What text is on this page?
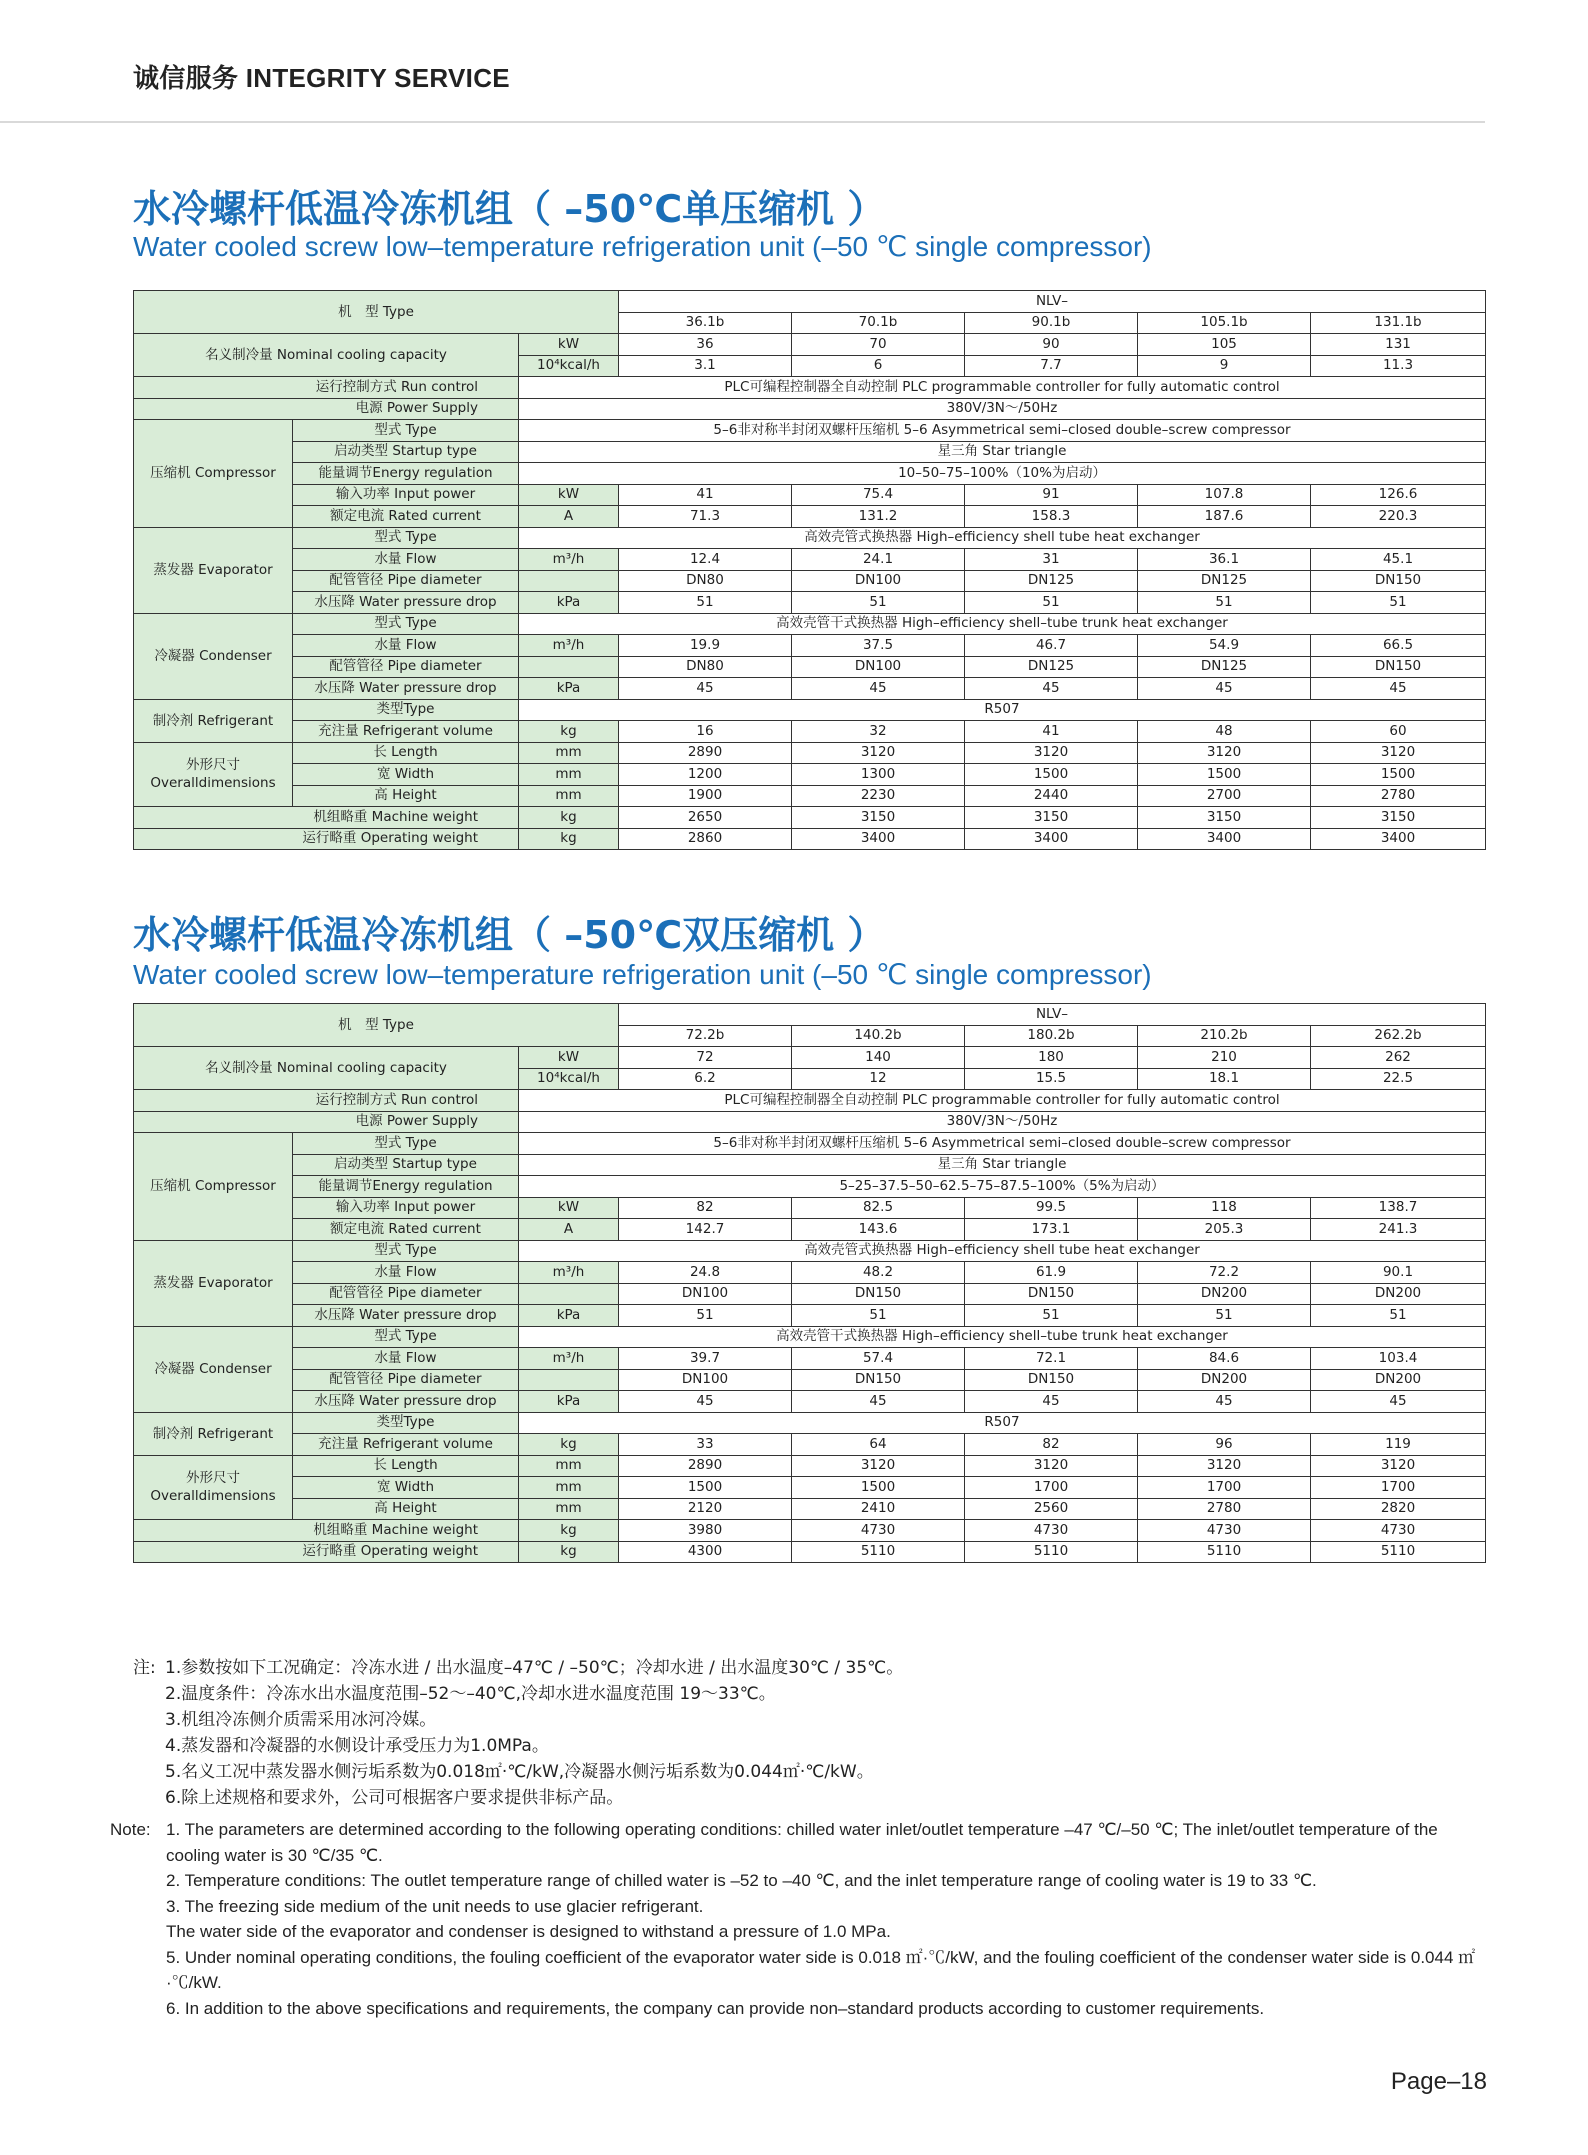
诚信服务 INTEGRITY SERVICE
水冷螺杆低温冷冻机组（ –50℃单压缩机 ）
Water cooled screw low–temperature refrigeration unit (–50 ℃ single compressor)
机　型 Type			NLV–				
			36.1b	70.1b	90.1b	105.1b	131.1b
名义制冷量 Nominal cooling capacity		kW	36	70	90	105	131
		10⁴kcal/h	3.1	6	7.7	9	11.3
运行控制方式 Run control		PLC可编程控制器全自动控制 PLC programmable controller for fully automatic control					
电源 Power Supply		380V/3N～/50Hz					
压缩机 Compressor	型式 Type	5–6非对称半封闭双螺杆压缩机 5–6 Asymmetrical semi–closed double–screw compressor					
	启动类型 Startup type	星三角 Star triangle					
	能量调节Energy regulation	10–50–75–100%（10%为启动）					
	输入功率 Input power	kW	41	75.4	91	107.8	126.6
	额定电流 Rated current	A	71.3	131.2	158.3	187.6	220.3
蒸发器 Evaporator	型式 Type	高效壳管式换热器 High–efficiency shell tube heat exchanger					
	水量 Flow	m³/h	12.4	24.1	31	36.1	45.1
	配管管径 Pipe diameter		DN80	DN100	DN125	DN125	DN150
	水压降 Water pressure drop	kPa	51	51	51	51	51
冷凝器 Condenser	型式 Type	高效壳管干式换热器 High–efficiency shell–tube trunk heat exchanger					
	水量 Flow	m³/h	19.9	37.5	46.7	54.9	66.5
	配管管径 Pipe diameter		DN80	DN100	DN125	DN125	DN150
	水压降 Water pressure drop	kPa	45	45	45	45	45
制冷剂 Refrigerant	类型Type	R507					
	充注量 Refrigerant volume	kg	16	32	41	48	60
外形尺寸 Overalldimensions	长 Length	mm	2890	3120	3120	3120	3120
	宽 Width	mm	1200	1300	1500	1500	1500
	高 Height	mm	1900	2230	2440	2700	2780
机组略重 Machine weight		kg	2650	3150	3150	3150	3150
运行略重 Operating weight		kg	2860	3400	3400	3400	3400
水冷螺杆低温冷冻机组（ –50℃双压缩机 ）
Water cooled screw low–temperature refrigeration unit (–50 ℃ single compressor)
机　型 Type			NLV–				
			72.2b	140.2b	180.2b	210.2b	262.2b
名义制冷量 Nominal cooling capacity		kW	72	140	180	210	262
		10⁴kcal/h	6.2	12	15.5	18.1	22.5
运行控制方式 Run control		PLC可编程控制器全自动控制 PLC programmable controller for fully automatic control					
电源 Power Supply		380V/3N～/50Hz					
压缩机 Compressor	型式 Type	5–6非对称半封闭双螺杆压缩机 5–6 Asymmetrical semi–closed double–screw compressor					
	启动类型 Startup type	星三角 Star triangle					
	能量调节Energy regulation	5–25–37.5–50–62.5–75–87.5–100%（5%为启动）					
	输入功率 Input power	kW	82	82.5	99.5	118	138.7
	额定电流 Rated current	A	142.7	143.6	173.1	205.3	241.3
蒸发器 Evaporator	型式 Type	高效壳管式换热器 High–efficiency shell tube heat exchanger					
	水量 Flow	m³/h	24.8	48.2	61.9	72.2	90.1
	配管管径 Pipe diameter		DN100	DN150	DN150	DN200	DN200
	水压降 Water pressure drop	kPa	51	51	51	51	51
冷凝器 Condenser	型式 Type	高效壳管干式换热器 High–efficiency shell–tube trunk heat exchanger					
	水量 Flow	m³/h	39.7	57.4	72.1	84.6	103.4
	配管管径 Pipe diameter		DN100	DN150	DN150	DN200	DN200
	水压降 Water pressure drop	kPa	45	45	45	45	45
制冷剂 Refrigerant	类型Type	R507					
	充注量 Refrigerant volume	kg	33	64	82	96	119
外形尺寸 Overalldimensions	长 Length	mm	2890	3120	3120	3120	3120
	宽 Width	mm	1500	1500	1700	1700	1700
	高 Height	mm	2120	2410	2560	2780	2820
机组略重 Machine weight		kg	3980	4730	4730	4730	4730
运行略重 Operating weight		kg	4300	5110	5110	5110	5110
注: 1.参数按如下工况确定：冷冻水进 / 出水温度–47℃ / –50℃；冷却水进 / 出水温度30℃ / 35℃。
2.温度条件：冷冻水出水温度范围–52～–40℃,冷却水进水温度范围 19～33℃。
3.机组冷冻侧介质需采用冰河冷媒。
4.蒸发器和冷凝器的水侧设计承受压力为1.0MPa。
5.名义工况中蒸发器水侧污垢系数为0.018㎡·℃/kW,冷凝器水侧污垢系数为0.044㎡·℃/kW。
6.除上述规格和要求外，公司可根据客户要求提供非标产品。
Note: 1. The parameters are determined according to the following operating conditions: chilled water inlet/outlet temperature –47 ℃/–50 ℃; The inlet/outlet temperature of the cooling water is 30 ℃/35 ℃.
2. Temperature conditions: The outlet temperature range of chilled water is –52 to –40 ℃, and the inlet temperature range of cooling water is 19 to 33 ℃.
3. The freezing side medium of the unit needs to use glacier refrigerant.
The water side of the evaporator and condenser is designed to withstand a pressure of 1.0 MPa.
5. Under nominal operating conditions, the fouling coefficient of the evaporator water side is 0.018 ㎡·℃/kW, and the fouling coefficient of the condenser water side is 0.044 ㎡·℃/kW.
6. In addition to the above specifications and requirements, the company can provide non–standard products according to customer requirements.
Page–18
